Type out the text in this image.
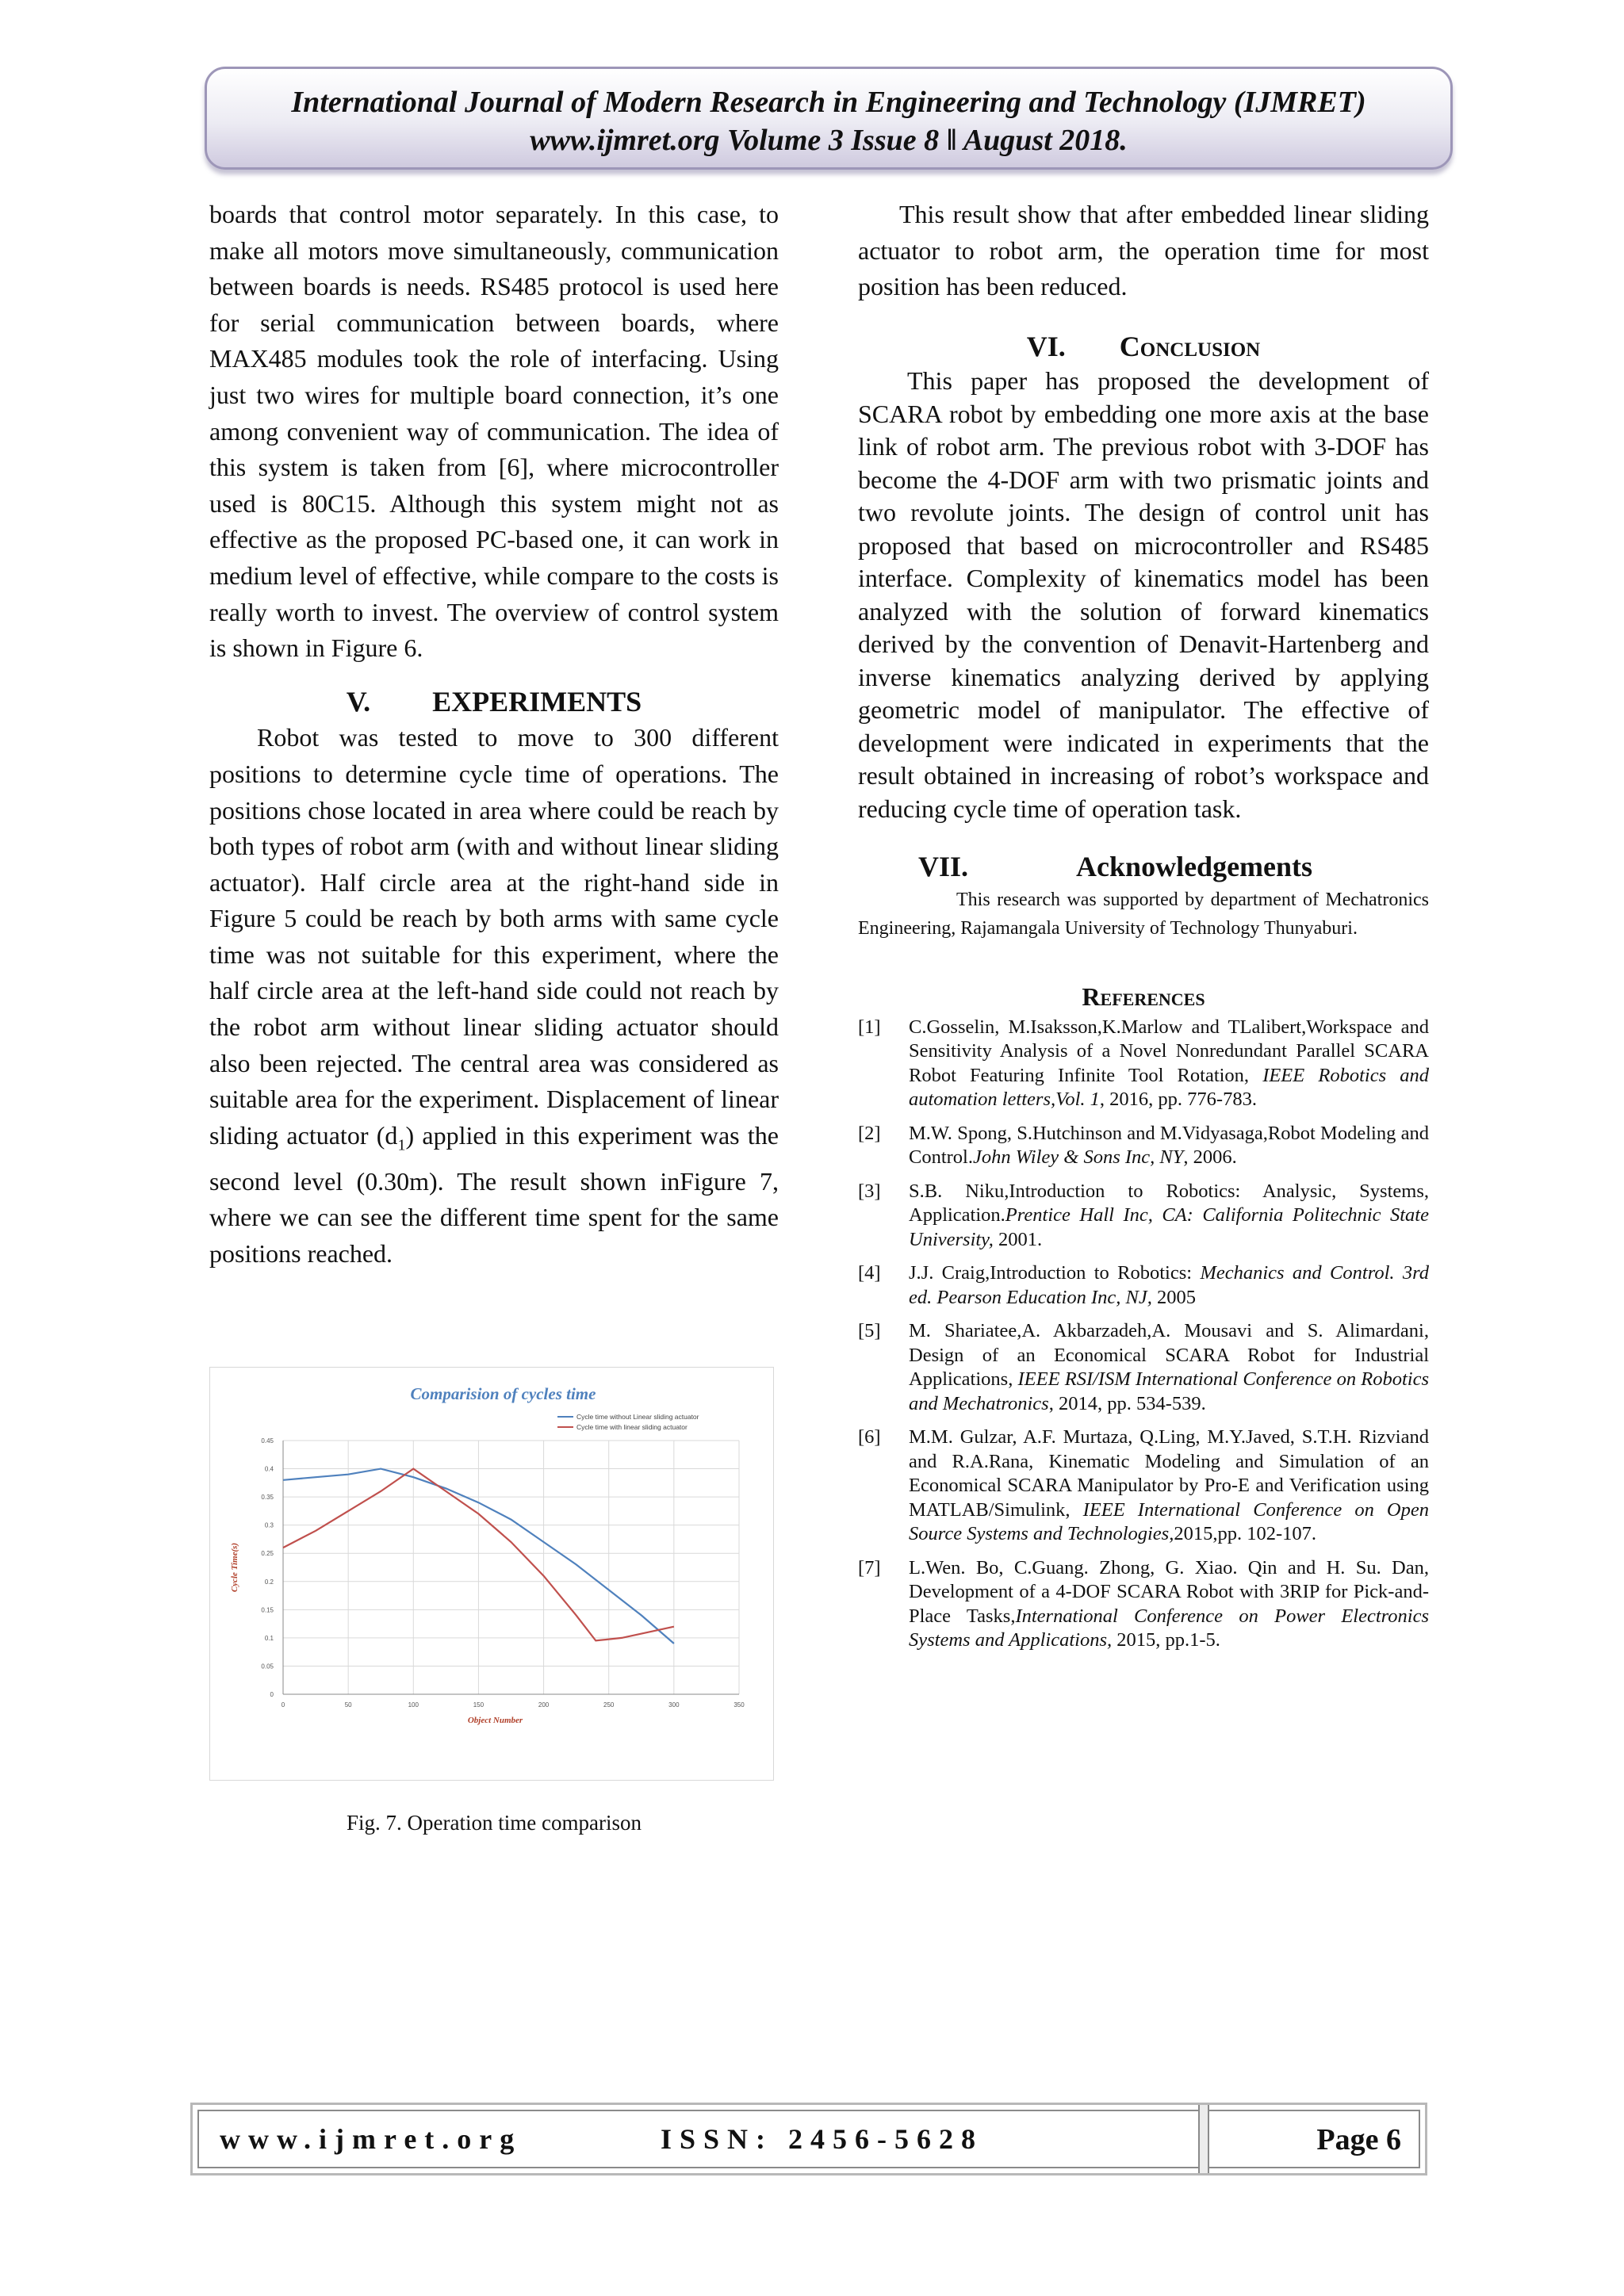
International Journal of Modern Research in Engineering and Technology (IJMRET)
www.ijmret.org Volume 3 Issue 8 ǁ August 2018.

boards that control motor separately. In this case, to make all motors move simultaneously, communication between boards is needs. RS485 protocol is used here for serial communication between boards, where MAX485 modules took the role of interfacing. Using just two wires for multiple board connection, it’s one among convenient way of communication. The idea of this system is taken from [6], where microcontroller used is 80C15. Although this system might not as effective as the proposed PC-based one, it can work in medium level of effective, while compare to the costs is really worth to invest. The overview of control system is shown in Figure 6.

V. EXPERIMENTS

Robot was tested to move to 300 different positions to determine cycle time of operations. The positions chose located in area where could be reach by both types of robot arm (with and without linear sliding actuator). Half circle area at the right-hand side in Figure 5 could be reach by both arms with same cycle time was not suitable for this experiment, where the half circle area at the left-hand side could not reach by the robot arm without linear sliding actuator should also been rejected. The central area was considered as suitable area for the experiment. Displacement of linear sliding actuator $(d_1)$ applied in this experiment was the second level (0.30m). The result shown inFigure 7, where we can see the different time spent for the same positions reached.

Comparision of cycles time
0
0.05
0.1
0.15
0.2
0.25
0.3
0.35
0.4
0.45
0	50	100	150	200	250	300	350
Object Number
Cycle Time(s)
Cycle time without Linear sliding actuator
Cycle time with linear sliding actuator
Fig. 7. Operation time comparison

This result show that after embedded linear sliding actuator to robot arm, the operation time for most position has been reduced.

VI. Conclusion

This paper has proposed the development of SCARA robot by embedding one more axis at the base link of robot arm. The previous robot with 3-DOF has become the 4-DOF arm with two prismatic joints and two revolute joints. The design of control unit has proposed that based on microcontroller and RS485 interface. Complexity of kinematics model has been analyzed with the solution of forward kinematics derived by the convention of Denavit-Hartenberg and inverse kinematics analyzing derived by applying geometric model of manipulator. The effective of development were indicated in experiments that the result obtained in increasing of robot’s workspace and reducing cycle time of operation task.

VII.	Acknowledgements

This research was supported by department of Mechatronics Engineering, Rajamangala University of Technology Thunyaburi.

References

[1]	C.Gosselin, M.Isaksson,K.Marlow and TLalibert,Workspace and Sensitivity Analysis of a Novel Nonredundant Parallel SCARA Robot Featuring Infinite Tool Rotation, IEEE Robotics and automation letters,Vol. 1, 2016, pp. 776-783.
[2]	M.W. Spong, S.Hutchinson and M.Vidyasaga,Robot Modeling and Control.John Wiley & Sons Inc, NY, 2006.
[3]	S.B. Niku,Introduction to Robotics: Analysic, Systems, Application.Prentice Hall Inc, CA: California Politechnic State University, 2001.
[4]	J.J. Craig,Introduction to Robotics: Mechanics and Control. 3rd ed. Pearson Education Inc, NJ, 2005
[5]	M. Shariatee,A. Akbarzadeh,A. Mousavi and S. Alimardani, Design of an Economical SCARA Robot for Industrial Applications, IEEE RSI/ISM International Conference on Robotics and Mechatronics, 2014, pp. 534-539.
[6]	M.M. Gulzar, A.F. Murtaza, Q.Ling, M.Y.Javed, S.T.H. Rizviand and R.A.Rana, Kinematic Modeling and Simulation of an Economical SCARA Manipulator by Pro-E and Verification using MATLAB/Simulink, IEEE International Conference on Open Source Systems and Technologies,2015,pp. 102-107.
[7]	L.Wen. Bo, C.Guang. Zhong, G. Xiao. Qin and H. Su. Dan, Development of a 4-DOF SCARA Robot with 3RIP for Pick-and-Place Tasks,International Conference on Power Electronics Systems and Applications, 2015, pp.1-5.
www.ijmret.org	ISSN: 2456-5628	Page 6
